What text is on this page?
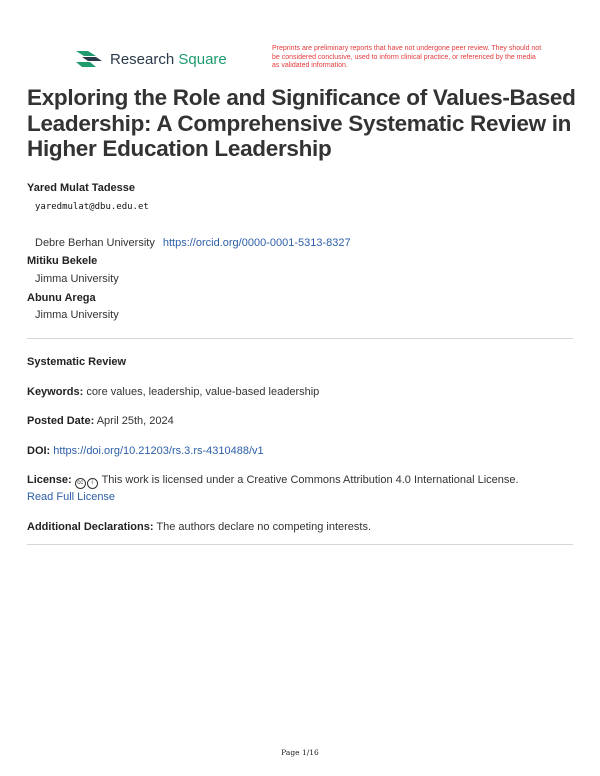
Research Square
Preprints are preliminary reports that have not undergone peer review. They should not be considered conclusive, used to inform clinical practice, or referenced by the media as validated information.
Exploring the Role and Significance of Values-Based Leadership: A Comprehensive Systematic Review in Higher Education Leadership
Yared Mulat Tadesse
yaredmulat@dbu.edu.et
Debre Berhan University https://orcid.org/0000-0001-5313-8327
Mitiku Bekele
Jimma University
Abunu Arega
Jimma University
Systematic Review
Keywords: core values, leadership, value-based leadership
Posted Date: April 25th, 2024
DOI: https://doi.org/10.21203/rs.3.rs-4310488/v1
License: cc i This work is licensed under a Creative Commons Attribution 4.0 International License.
Read Full License
Additional Declarations: The authors declare no competing interests.
Page 1/16
